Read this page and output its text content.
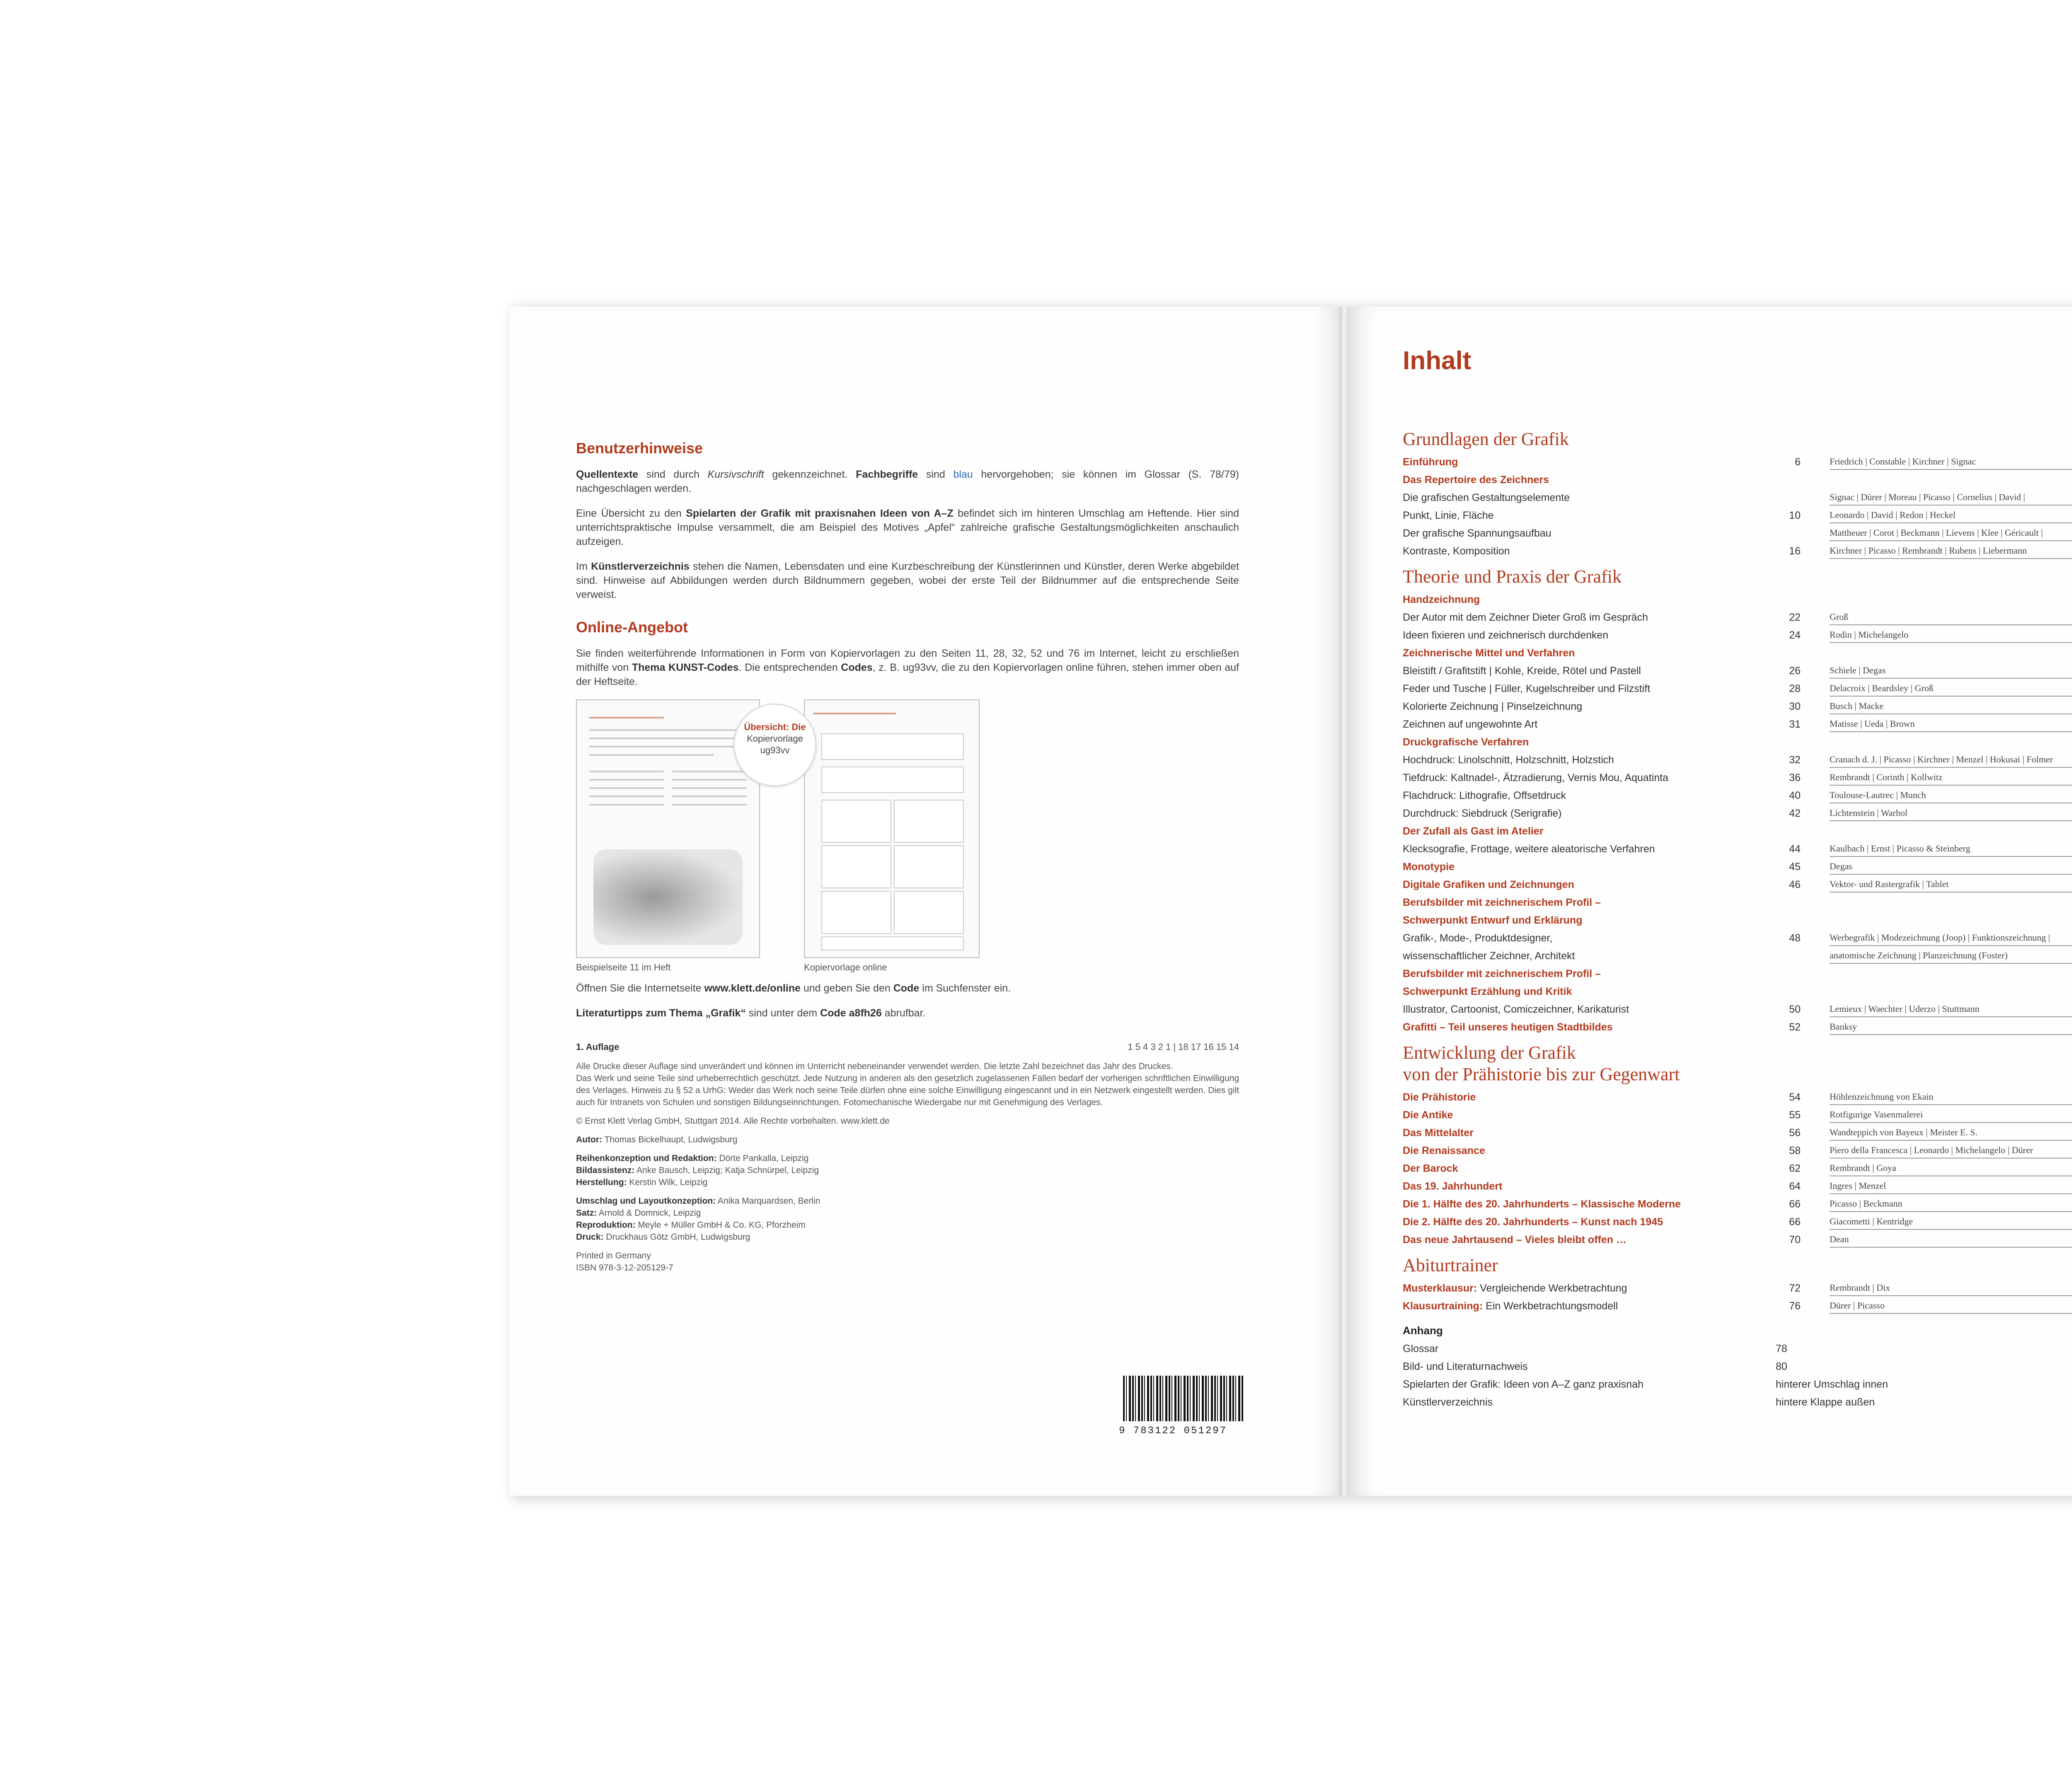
Benutzerhinweise

Quellentexte sind durch Kursivschrift gekennzeichnet. Fachbegriffe sind blau hervorgehoben; sie können im Glossar (S. 78/79) nachgeschlagen werden.

Eine Übersicht zu den Spielarten der Grafik mit praxisnahen Ideen von A–Z befindet sich im hinteren Umschlag am Heftende. Hier sind unterrichtspraktische Impulse versammelt, die am Beispiel des Motives „Apfel“ zahlreiche grafische Gestaltungsmöglichkeiten anschaulich aufzeigen.

Im Künstlerverzeichnis stehen die Namen, Lebensdaten und eine Kurzbeschreibung der Künstlerinnen und Künstler, deren Werke abgebildet sind. Hinweise auf Abbildungen werden durch Bildnummern gegeben, wobei der erste Teil der Bildnummer auf die entsprechende Seite verweist.

Online-Angebot

Sie finden weiterführende Informationen in Form von Kopiervorlagen zu den Seiten 11, 28, 32, 52 und 76 im Internet, leicht zu erschließen mithilfe von Thema KUNST-Codes. Die entsprechenden Codes, z. B. ug93vv, die zu den Kopiervorlagen online führen, stehen immer oben auf der Heftseite.

Übersicht: Die
Kopiervorlage
ug93vv
Beispielseite 11 im Heft	Kopiervorlage online

Öffnen Sie die Internetseite www.klett.de/online und geben Sie den Code im Suchfenster ein.

Literaturtipps zum Thema „Grafik“ sind unter dem Code a8fh26 abrufbar.

1. Auflage	1 5 4 3 2 1 | 18 17 16 15 14

Alle Drucke dieser Auflage sind unverändert und können im Unterricht nebeneinander verwendet werden. Die letzte Zahl bezeichnet das Jahr des Druckes.
Das Werk und seine Teile sind urheberrechtlich geschützt. Jede Nutzung in anderen als den gesetzlich zugelassenen Fällen bedarf der vorherigen schriftlichen Einwilligung des Verlages. Hinweis zu § 52 a UrhG: Weder das Werk noch seine Teile dürfen ohne eine solche Einwilligung eingescannt und in ein Netzwerk eingestellt werden. Dies gilt auch für Intranets von Schulen und sonstigen Bildungseinrichtungen. Fotomechanische Wiedergabe nur mit Genehmigung des Verlages.

© Ernst Klett Verlag GmbH, Stuttgart 2014. Alle Rechte vorbehalten. www.klett.de

Autor: Thomas Bickelhaupt, Ludwigsburg

Reihenkonzeption und Redaktion: Dörte Pankalla, Leipzig
Bildassistenz: Anke Bausch, Leipzig; Katja Schnürpel, Leipzig
Herstellung: Kerstin Wilk, Leipzig

Umschlag und Layoutkonzeption: Anika Marquardsen, Berlin
Satz: Arnold & Domnick, Leipzig
Reproduktion: Meyle + Müller GmbH & Co. KG, Pforzheim
Druck: Druckhaus Götz GmbH, Ludwigsburg

Printed in Germany
ISBN 978-3-12-205129-7

9 783122 051297
Inhalt
Grundlagen der Grafik
Einführung	6	Friedrich | Constable | Kirchner | Signac
Das Repertoire des Zeichners
Die grafischen Gestaltungselemente	Signac | Dürer | Moreau | Picasso | Cornelius | David |
Punkt, Linie, Fläche	10	Leonardo | David | Redon | Heckel
Der grafische Spannungsaufbau	Mattheuer | Corot | Beckmann | Lievens | Klee | Géricault |
Kontraste, Komposition	16	Kirchner | Picasso | Rembrandt | Rubens | Liebermann
Theorie und Praxis der Grafik
Handzeichnung
Der Autor mit dem Zeichner Dieter Groß im Gespräch	22	Groß
Ideen fixieren und zeichnerisch durchdenken	24	Rodin | Michelangelo
Zeichnerische Mittel und Verfahren
Bleistift / Grafitstift | Kohle, Kreide, Rötel und Pastell	26	Schiele | Degas
Feder und Tusche | Füller, Kugelschreiber und Filzstift	28	Delacroix | Beardsley | Groß
Kolorierte Zeichnung | Pinselzeichnung	30	Busch | Macke
Zeichnen auf ungewohnte Art	31	Matisse | Ueda | Brown
Druckgrafische Verfahren
Hochdruck: Linolschnitt, Holzschnitt, Holzstich	32	Cranach d. J. | Picasso | Kirchner | Menzel | Hokusai | Folmer
Tiefdruck: Kaltnadel-, Ätzradierung, Vernis Mou, Aquatinta	36	Rembrandt | Corinth | Kollwitz
Flachdruck: Lithografie, Offsetdruck	40	Toulouse-Lautrec | Munch
Durchdruck: Siebdruck (Serigrafie)	42	Lichtenstein | Warhol
Der Zufall als Gast im Atelier
Klecksografie, Frottage, weitere aleatorische Verfahren	44	Kaulbach | Ernst | Picasso & Steinberg
Monotypie	45	Degas
Digitale Grafiken und Zeichnungen	46	Vektor- und Rastergrafik | Tablet
Berufsbilder mit zeichnerischem Profil –
Schwerpunkt Entwurf und Erklärung
Grafik-, Mode-, Produktdesigner,	48	Werbegrafik | Modezeichnung (Joop) | Funktionszeichnung |
wissenschaftlicher Zeichner, Architekt	anatomische Zeichnung | Planzeichnung (Foster)
Berufsbilder mit zeichnerischem Profil –
Schwerpunkt Erzählung und Kritik
Illustrator, Cartoonist, Comiczeichner, Karikaturist	50	Lemieux | Waechter | Uderzo | Stuttmann
Grafitti – Teil unseres heutigen Stadtbildes	52	Banksy
Entwicklung der Grafik
von der Prähistorie bis zur Gegenwart
Die Prähistorie	54	Höhlenzeichnung von Ekain
Die Antike	55	Rotfigurige Vasenmalerei
Das Mittelalter	56	Wandteppich von Bayeux | Meister E. S.
Die Renaissance	58	Piero della Francesca | Leonardo | Michelangelo | Dürer
Der Barock	62	Rembrandt | Goya
Das 19. Jahrhundert	64	Ingres | Menzel
Die 1. Hälfte des 20. Jahrhunderts – Klassische Moderne	66	Picasso | Beckmann
Die 2. Hälfte des 20. Jahrhunderts – Kunst nach 1945	66	Giacometti | Kentridge
Das neue Jahrtausend – Vieles bleibt offen …	70	Dean
Abiturtrainer
Musterklausur: Vergleichende Werkbetrachtung	72	Rembrandt | Dix
Klausurtraining: Ein Werkbetrachtungsmodell	76	Dürer | Picasso
Anhang
Glossar	78
Bild- und Literaturnachweis	80
Spielarten der Grafik: Ideen von A–Z ganz praxisnah	hinterer Umschlag innen
Künstlerverzeichnis	hintere Klappe außen
